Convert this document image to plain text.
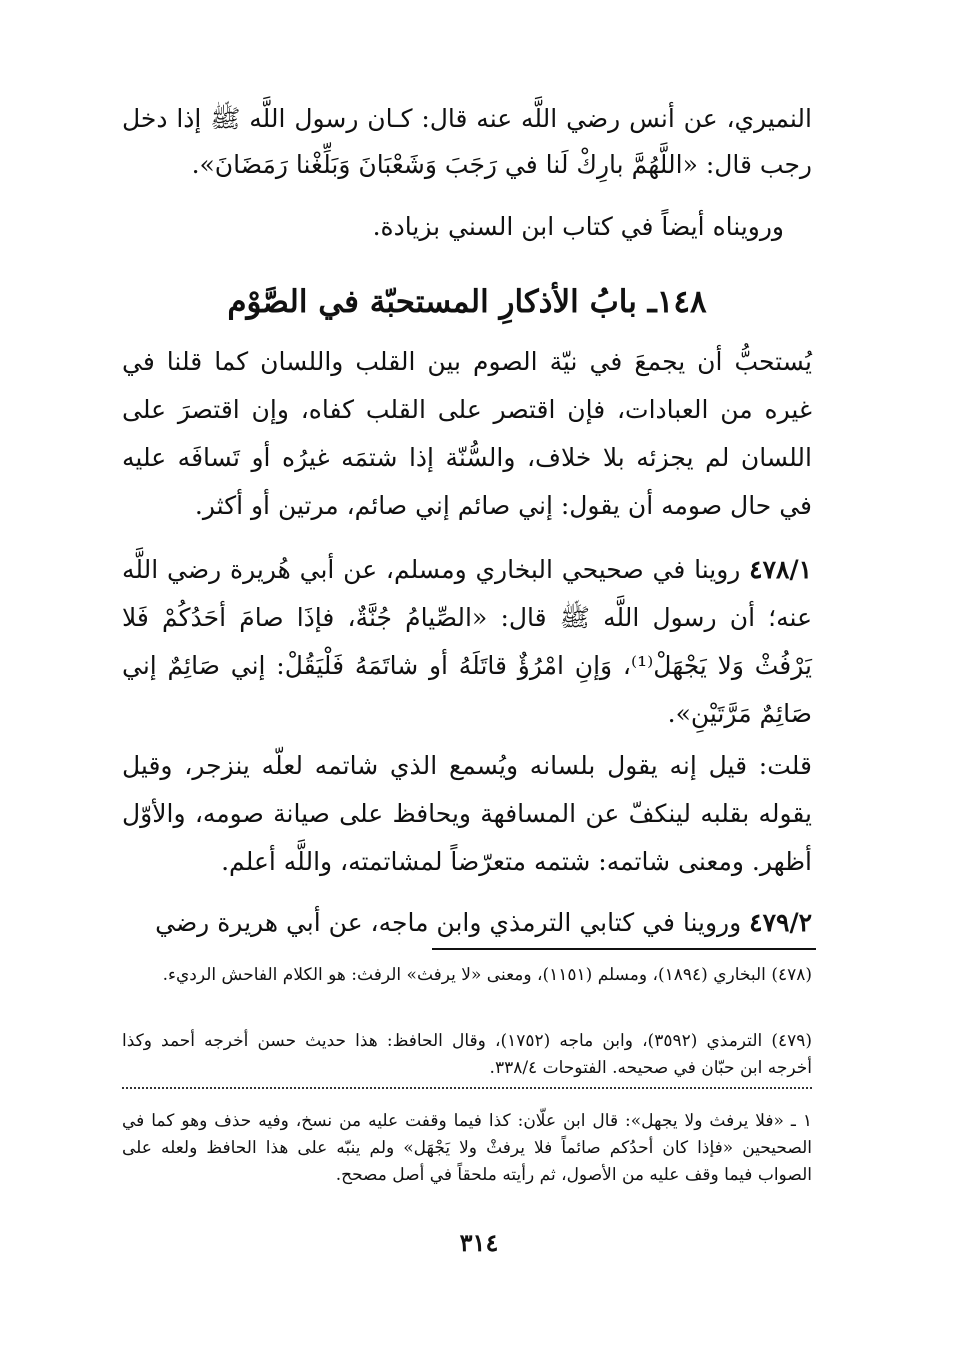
النميري، عن أنس رضي اللَّه عنه قال: كـان رسول اللَّه ﷺ إذا دخل رجب قال: «اللَّهُمَّ بارِكْ لَنا في رَجَبَ وَشَعْبَانَ وَبَلِّغْنا رَمَضَانَ».

ورويناه أيضاً في كتاب ابن السني بزيادة.

١٤٨ـ بابُ الأذكارِ المستحبّة في الصَّوْم

يُستحبُّ أن يجمعَ في نيّة الصوم بين القلب واللسان كما قلنا في غيره من العبادات، فإن اقتصر على القلب كفاه، وإن اقتصرَ على اللسان لم يجزئه بلا خلاف، والسُّنّة إذا شتمَه غيرُه أو تَسافَه عليه في حال صومه أن يقول: إني صائم إني صائم، مرتين أو أكثر.

٤٧٨/١ روينا في صحيحي البخاري ومسلم، عن أبي هُريرة رضي اللَّه عنه؛ أن رسول اللَّه ﷺ قال: «الصِّيامُ جُنَّةٌ، فإذَا صامَ أحَدُكُمْ فَلا يَرْفُثْ وَلا يَجْهَلْ⁽¹⁾، وَإنِ امْرُؤٌ قاتَلَهُ أو شاتَمَهُ فَلْيَقُلْ: إني صَائِمٌ إني صَائِمٌ مَرَّتَيْنِ».

قلت: قيل إنه يقول بلسانه ويُسمع الذي شاتمه لعلّه ينزجر، وقيل يقوله بقلبه لينكفّ عن المسافهة ويحافظ على صيانة صومه، والأوّل أظهر. ومعنى شاتمه: شتمه متعرّضاً لمشاتمته، واللَّه أعلم.

٤٧٩/٢ وروينا في كتابي الترمذي وابن ماجه، عن أبي هريرة رضي

(٤٧٨) البخاري (١٨٩٤)، ومسلم (١١٥١)، ومعنى «لا يرفث» الرفث: هو الكلام الفاحش الرديء.

(٤٧٩) الترمذي (٣٥٩٢)، وابن ماجه (١٧٥٢)، وقال الحافظ: هذا حديث حسن أخرجه أحمد وكذا أخرجه ابن حبّان في صحيحه. الفتوحات ٣٣٨/٤.

١ ـ «فلا يرفث ولا يجهل»: قال ابن علّان: كذا فيما وقفت عليه من نسخ، وفيه حذف وهو كما في الصحيحين «فإذا كان أحدُكم صائماً فلا يرفثْ ولا يَجْهَل» ولم ينبّه على هذا الحافظ ولعله على الصواب فيما وقف عليه من الأصول، ثم رأيته ملحقاً في أصل مصحح.

٣١٤
